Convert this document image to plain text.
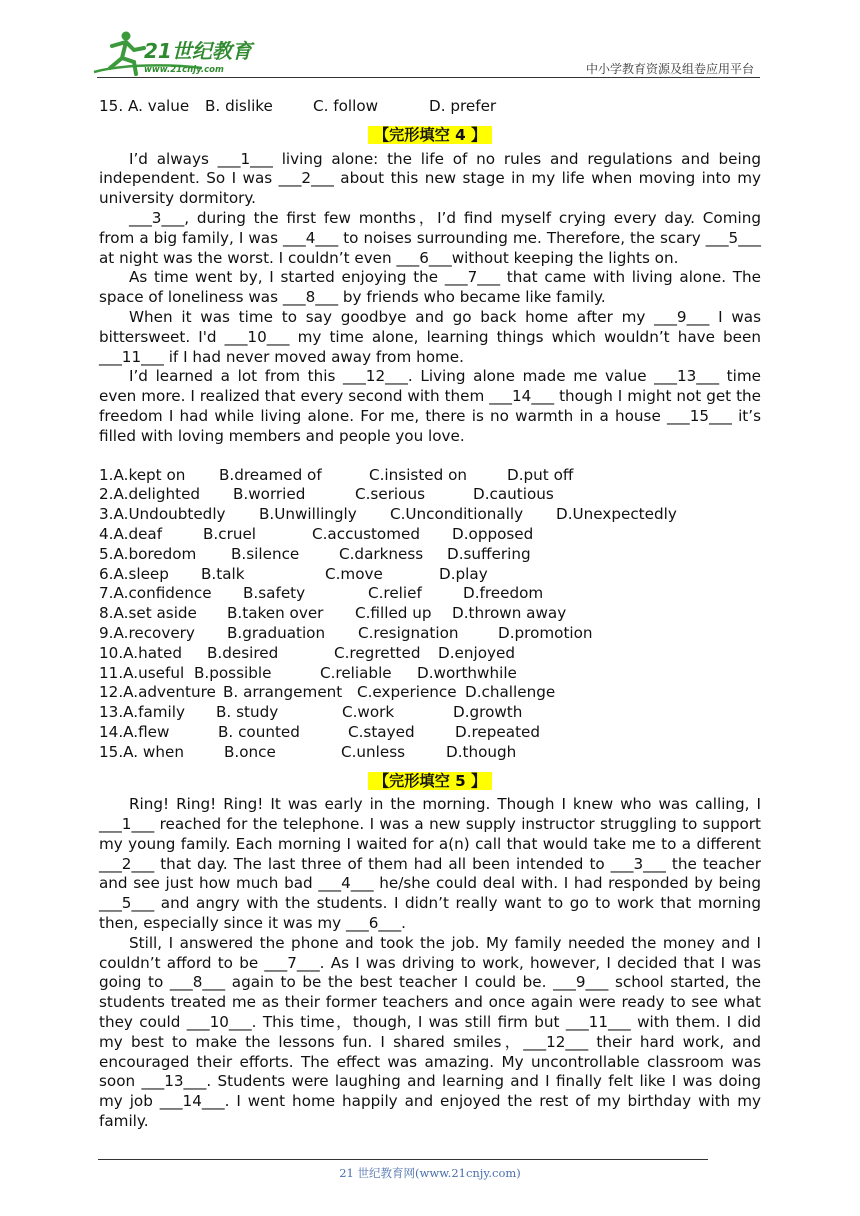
21世纪教育
www.21cnjy.com	中小学教育资源及组卷应用平台
15. A. value	B. dislike	C. follow	D. prefer
【完形填空 4 】

I’d always ___1___ living alone: the life of no rules and regulations and being independent. So I was ___2___ about this new stage in my life when moving into my university dormitory.

___3___, during the first few months，I’d find myself crying every day. Coming from a big family, I was ___4___ to noises surrounding me. Therefore, the scary ___5___ at night was the worst. I couldn’t even ___6___without keeping the lights on.

As time went by, I started enjoying the ___7___ that came with living alone. The space of loneliness was ___8___ by friends who became like family.

When it was time to say goodbye and go back home after my ___9___ I was bittersweet. I'd ___10___ my time alone, learning things which wouldn’t have been ___11___ if I had never moved away from home.

I’d learned a lot from this ___12___. Living alone made me value ___13___ time even more. I realized that every second with them ___14___ though I might not get the freedom I had while living alone. For me, there is no warmth in a house ___15___ it’s filled with loving members and people you love.

1.A.kept on	B.dreamed of	C.insisted on	D.put off
2.A.delighted	B.worried	C.serious	D.cautious
3.A.Undoubtedly	B.Unwillingly	C.Unconditionally	D.Unexpectedly
4.A.deaf	B.cruel	C.accustomed	D.opposed
5.A.boredom	B.silence	C.darkness	D.suffering
6.A.sleep	B.talk	C.move	D.play
7.A.confidence	B.safety	C.relief	D.freedom
8.A.set aside	B.taken over	C.filled up	D.thrown away
9.A.recovery	B.graduation	C.resignation	D.promotion
10.A.hated	B.desired	C.regretted	D.enjoyed
11.A.useful B.possible	C.reliable	D.worthwhile
12.A.adventure B. arrangement C.experience D.challenge
13.A.family	B. study	C.work	D.growth
14.A.flew	B. counted	C.stayed	D.repeated
15.A. when	B.once	C.unless	D.though
【完形填空 5 】

Ring! Ring! Ring! It was early in the morning. Though I knew who was calling, I ___1___ reached for the telephone. I was a new supply instructor struggling to support my young family. Each morning I waited for a(n) call that would take me to a different ___2___ that day. The last three of them had all been intended to ___3___ the teacher and see just how much bad ___4___ he/she could deal with. I had responded by being ___5___ and angry with the students. I didn’t really want to go to work that morning then, especially since it was my ___6___.

Still, I answered the phone and took the job. My family needed the money and I couldn’t afford to be ___7___. As I was driving to work, however, I decided that I was going to ___8___ again to be the best teacher I could be. ___9___ school started, the students treated me as their former teachers and once again were ready to see what they could ___10___. This time，though, I was still firm but ___11___ with them. I did my best to make the lessons fun. I shared smiles，___12___ their hard work, and encouraged their efforts. The effect was amazing. My uncontrollable classroom was soon ___13___. Students were laughing and learning and I finally felt like I was doing my job ___14___. I went home happily and enjoyed the rest of my birthday with my family.

21 世纪教育网(www.21cnjy.com)
